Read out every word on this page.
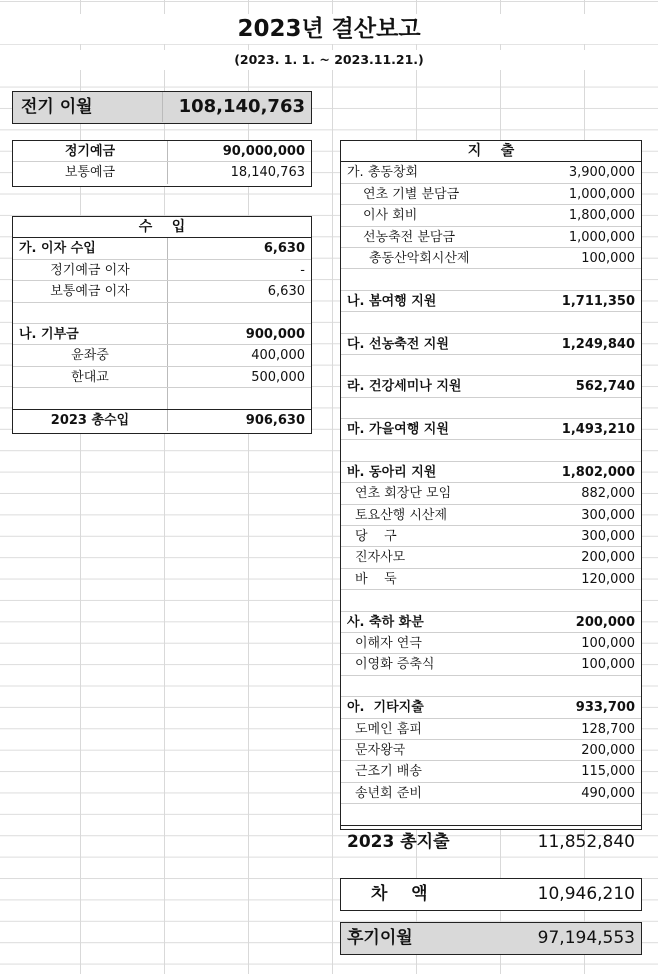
2023년 결산보고
(2023. 1. 1. ~ 2023.11.21.)
전기 이월	108,140,763
정기예금	90,000,000
보통예금	18,140,763
수    입
가. 이자 수입	6,630
정기예금 이자	-
보통예금 이자	6,630
나. 기부금	900,000
윤좌중	400,000
한대교	500,000
2023 총수입	906,630
지    출
가. 총동창회	3,900,000
연초 기별 분담금	1,000,000
이사 회비	1,800,000
선농축전 분담금	1,000,000
총동산악회시산제	100,000
나. 봄여행 지원	1,711,350
다. 선농축전 지원	1,249,840
라. 건강세미나 지원	562,740
마. 가을여행 지원	1,493,210
바. 동아리 지원	1,802,000
연초 회장단 모임	882,000
토요산행 시산제	300,000
당    구	300,000
진자사모	200,000
바    둑	120,000
사. 축하 화분	200,000
이해자 연극	100,000
이영화 증축식	100,000
아.  기타지출	933,700
도메인 홈피	128,700
문자왕국	200,000
근조기 배송	115,000
송년회 준비	490,000
2023 총지출	11,852,840
차    액	10,946,210
후기이월	97,194,553
